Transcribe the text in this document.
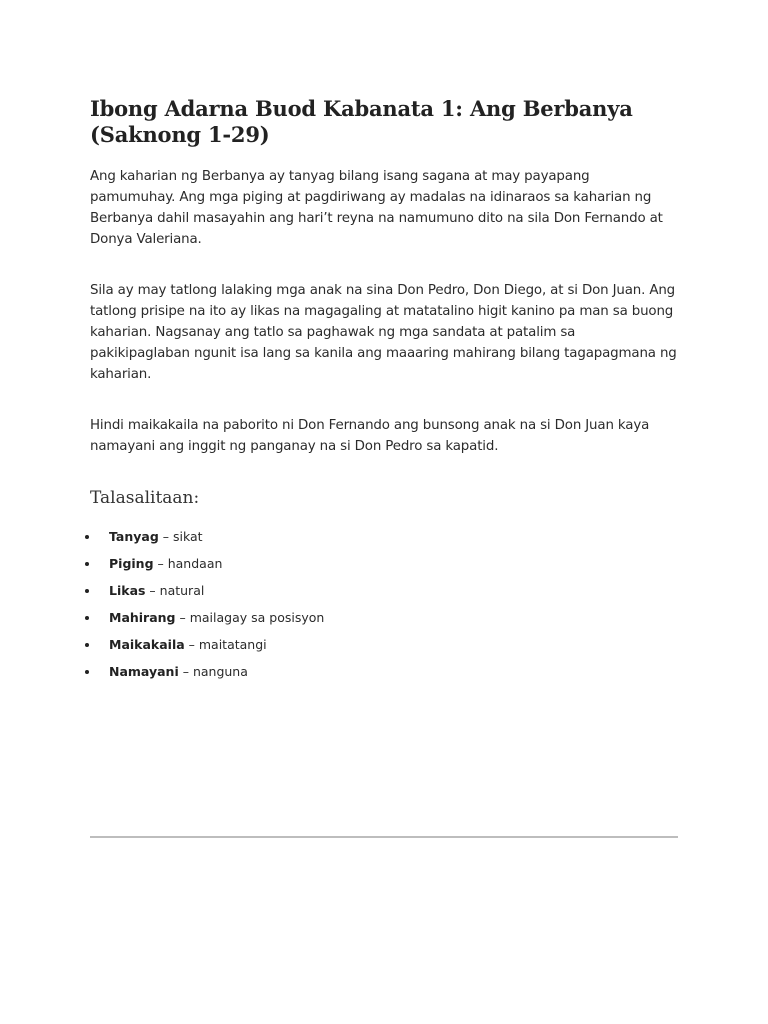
Ibong Adarna Buod Kabanata 1: Ang Berbanya (Saknong 1-29)

Ang kaharian ng Berbanya ay tanyag bilang isang sagana at may payapang pamumuhay. Ang mga piging at pagdiriwang ay madalas na idinaraos sa kaharian ng Berbanya dahil masayahin ang hari’t reyna na namumuno dito na sila Don Fernando at Donya Valeriana.

Sila ay may tatlong lalaking mga anak na sina Don Pedro, Don Diego, at si Don Juan. Ang tatlong prisipe na ito ay likas na magagaling at matatalino higit kanino pa man sa buong kaharian. Nagsanay ang tatlo sa paghawak ng mga sandata at patalim sa pakikipaglaban ngunit isa lang sa kanila ang maaaring mahirang bilang tagapagmana ng kaharian.

Hindi maikakaila na paborito ni Don Fernando ang bunsong anak na si Don Juan kaya namayani ang inggit ng panganay na si Don Pedro sa kapatid.

Talasalitaan:
Tanyag – sikat
Piging – handaan
Likas – natural
Mahirang – mailagay sa posisyon
Maikakaila – maitatangi
Namayani – nanguna
